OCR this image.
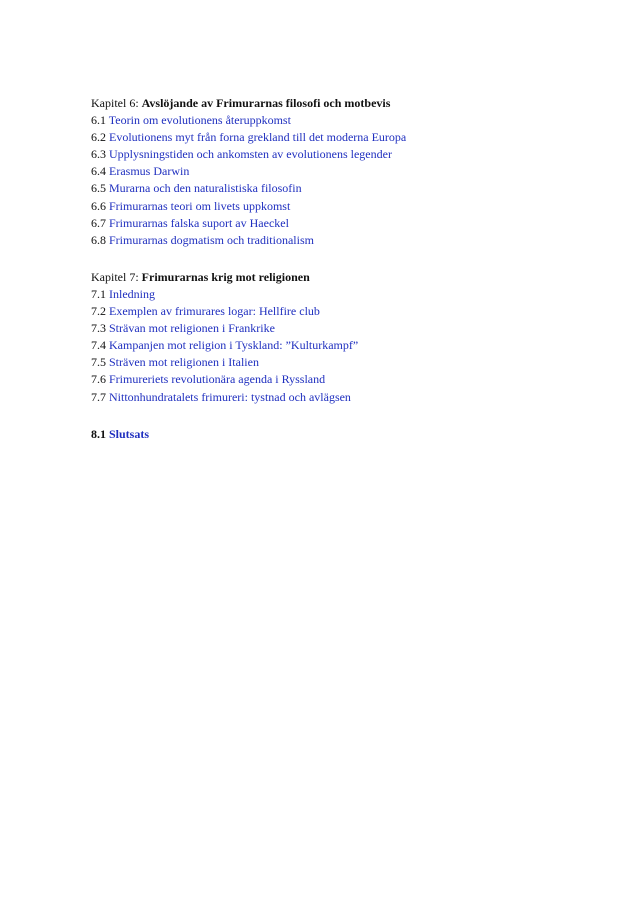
Kapitel 6: Avslöjande av Frimurarnas filosofi och motbevis
6.1 Teorin om evolutionens återuppkomst
6.2 Evolutionens myt från forna grekland till det moderna Europa
6.3 Upplysningstiden och ankomsten av evolutionens legender
6.4 Erasmus Darwin
6.5 Murarna och den naturalistiska filosofin
6.6 Frimurarnas teori om livets uppkomst
6.7 Frimurarnas falska suport av Haeckel
6.8 Frimurarnas dogmatism och traditionalism
Kapitel 7: Frimurarnas krig mot religionen
7.1 Inledning
7.2 Exemplen av frimurares logar: Hellfire club
7.3 Strävan mot religionen i Frankrike
7.4 Kampanjen mot religion i Tyskland: ”Kulturkampf”
7.5 Sträven mot religionen i Italien
7.6 Frimureriets revolutionära agenda i Ryssland
7.7 Nittonhundratalets frimureri: tystnad och avlägsen
8.1 Slutsats
